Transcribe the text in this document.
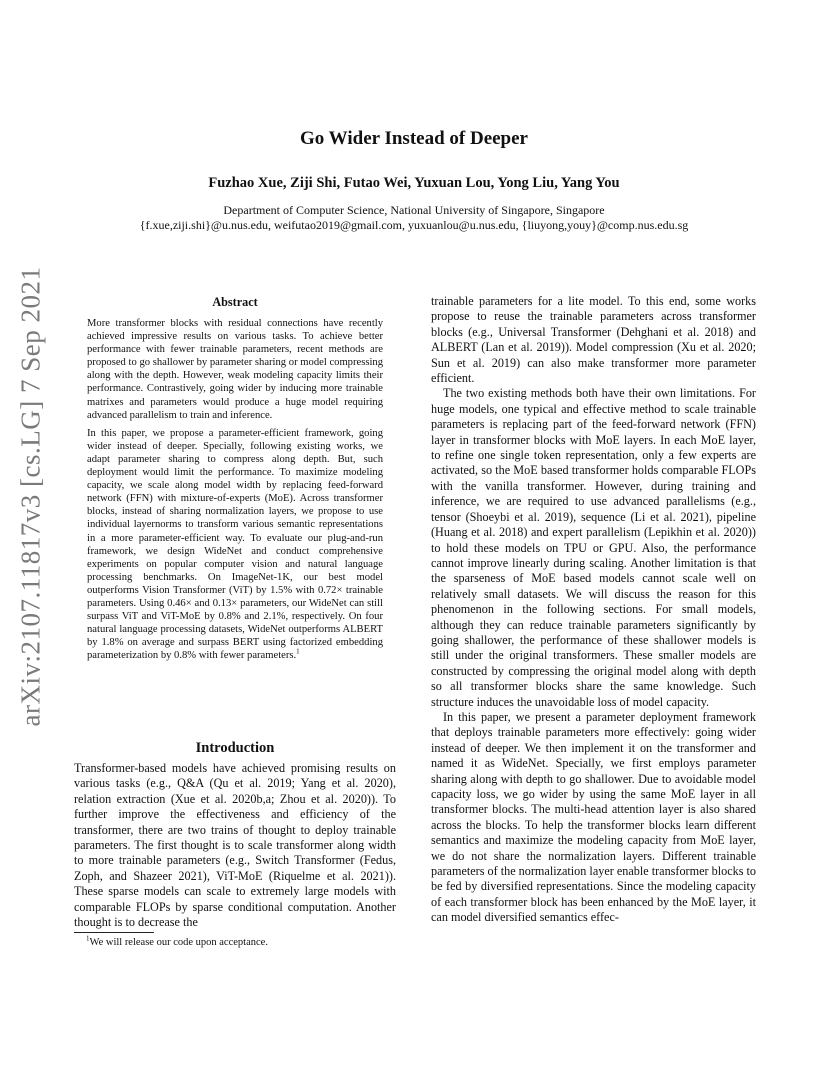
arXiv:2107.11817v3 [cs.LG] 7 Sep 2021
Go Wider Instead of Deeper
Fuzhao Xue, Ziji Shi, Futao Wei, Yuxuan Lou, Yong Liu, Yang You
Department of Computer Science, National University of Singapore, Singapore
{f.xue,ziji.shi}@u.nus.edu, weifutao2019@gmail.com, yuxuanlou@u.nus.edu, {liuyong,youy}@comp.nus.edu.sg
Abstract

More transformer blocks with residual connections have recently achieved impressive results on various tasks. To achieve better performance with fewer trainable parameters, recent methods are proposed to go shallower by parameter sharing or model compressing along with the depth. However, weak modeling capacity limits their performance. Contrastively, going wider by inducing more trainable matrixes and parameters would produce a huge model requiring advanced parallelism to train and inference.

In this paper, we propose a parameter-efficient framework, going wider instead of deeper. Specially, following existing works, we adapt parameter sharing to compress along depth. But, such deployment would limit the performance. To maximize modeling capacity, we scale along model width by replacing feed-forward network (FFN) with mixture-of-experts (MoE). Across transformer blocks, instead of sharing normalization layers, we propose to use individual layernorms to transform various semantic representations in a more parameter-efficient way. To evaluate our plug-and-run framework, we design WideNet and conduct comprehensive experiments on popular computer vision and natural language processing benchmarks. On ImageNet-1K, our best model outperforms Vision Transformer (ViT) by 1.5% with 0.72× trainable parameters. Using 0.46× and 0.13× parameters, our WideNet can still surpass ViT and ViT-MoE by 0.8% and 2.1%, respectively. On four natural language processing datasets, WideNet outperforms ALBERT by 1.8% on average and surpass BERT using factorized embedding parameterization by 0.8% with fewer parameters.$^1$

Introduction

Transformer-based models have achieved promising results on various tasks (e.g., Q&A (Qu et al. 2019; Yang et al. 2020), relation extraction (Xue et al. 2020b,a; Zhou et al. 2020)). To further improve the effectiveness and efficiency of the transformer, there are two trains of thought to deploy trainable parameters. The first thought is to scale transformer along width to more trainable parameters (e.g., Switch Transformer (Fedus, Zoph, and Shazeer 2021), ViT-MoE (Riquelme et al. 2021)). These sparse models can scale to extremely large models with comparable FLOPs by sparse conditional computation. Another thought is to decrease the

trainable parameters for a lite model. To this end, some works propose to reuse the trainable parameters across transformer blocks (e.g., Universal Transformer (Dehghani et al. 2018) and ALBERT (Lan et al. 2019)). Model compression (Xu et al. 2020; Sun et al. 2019) can also make transformer more parameter efficient.

The two existing methods both have their own limitations. For huge models, one typical and effective method to scale trainable parameters is replacing part of the feed-forward network (FFN) layer in transformer blocks with MoE layers. In each MoE layer, to refine one single token representation, only a few experts are activated, so the MoE based transformer holds comparable FLOPs with the vanilla transformer. However, during training and inference, we are required to use advanced parallelisms (e.g., tensor (Shoeybi et al. 2019), sequence (Li et al. 2021), pipeline (Huang et al. 2018) and expert parallelism (Lepikhin et al. 2020)) to hold these models on TPU or GPU. Also, the performance cannot improve linearly during scaling. Another limitation is that the sparseness of MoE based models cannot scale well on relatively small datasets. We will discuss the reason for this phenomenon in the following sections. For small models, although they can reduce trainable parameters significantly by going shallower, the performance of these shallower models is still under the original transformers. These smaller models are constructed by compressing the original model along with depth so all transformer blocks share the same knowledge. Such structure induces the unavoidable loss of model capacity.

In this paper, we present a parameter deployment framework that deploys trainable parameters more effectively: going wider instead of deeper. We then implement it on the transformer and named it as WideNet. Specially, we first employs parameter sharing along with depth to go shallower. Due to avoidable model capacity loss, we go wider by using the same MoE layer in all transformer blocks. The multi-head attention layer is also shared across the blocks. To help the transformer blocks learn different semantics and maximize the modeling capacity from MoE layer, we do not share the normalization layers. Different trainable parameters of the normalization layer enable transformer blocks to be fed by diversified representations. Since the modeling capacity of each transformer block has been enhanced by the MoE layer, it can model diversified semantics effec-

$^1$We will release our code upon acceptance.
